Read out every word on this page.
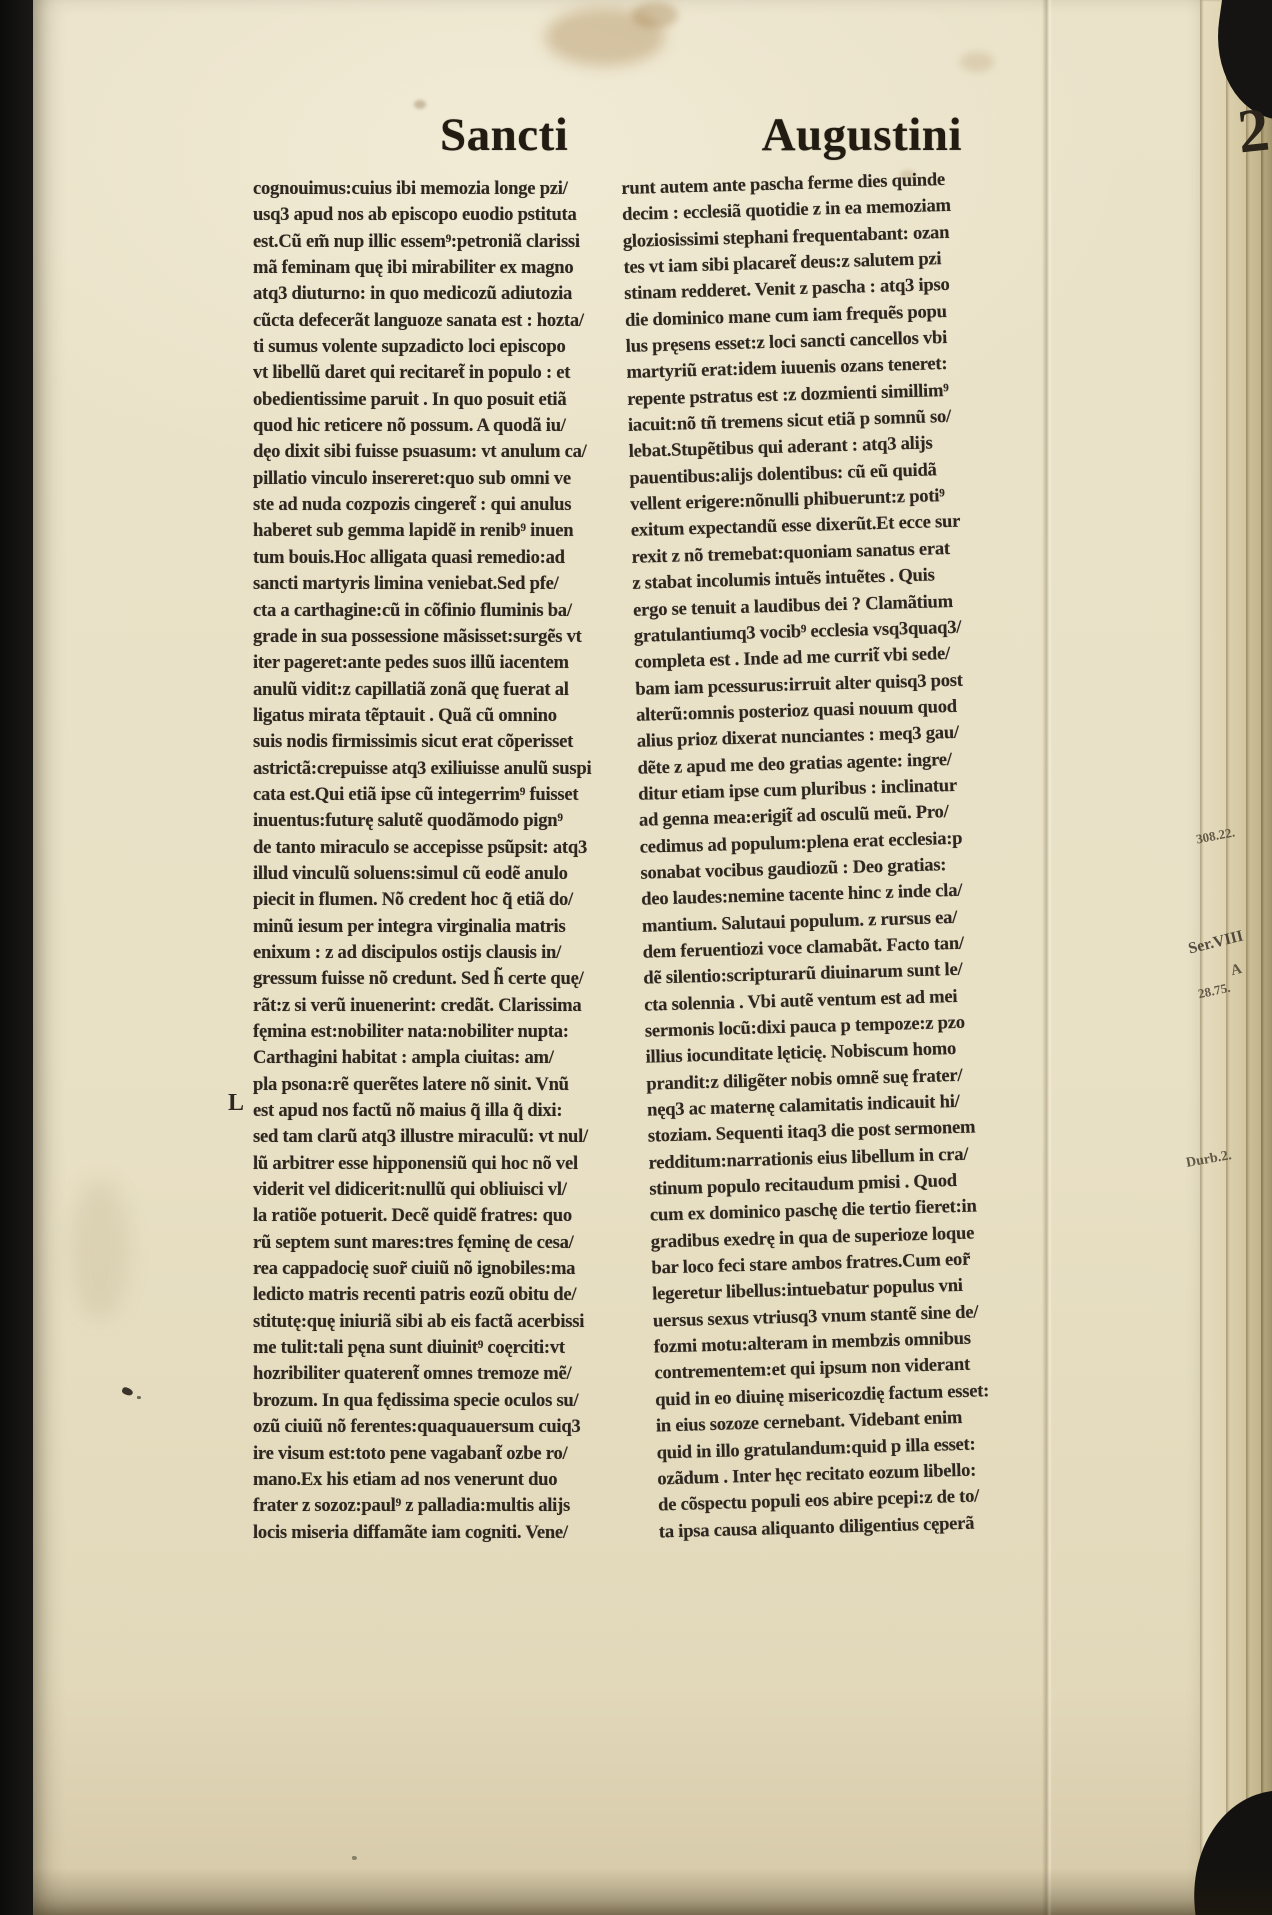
Sancti	Augustini
cognouimus:cuius ibi memozia longe pzi/
usq3 apud nos ab episcopo euodio pstituta
est.Cũ em̃ nup illic essem⁹:petroniã clarissi
mã feminam quę ibi mirabiliter ex magno
atq3 diuturno: in quo medicozũ adiutozia
cũcta defecerãt languoze sanata est : hozta/
ti sumus volente supzadicto loci episcopo
vt libellũ daret qui recitaret̃ in populo : et
obedientissime paruit . In quo posuit etiã
quod hic reticere nõ possum. A quodã iu/
dęo dixit sibi fuisse psuasum: vt anulum ca/
pillatio vinculo insereret:quo sub omni ve
ste ad nuda cozpozis cingeret̃ : qui anulus
haberet sub gemma lapidẽ in renib⁹ inuen
tum bouis.Hoc alligata quasi remedio:ad
sancti martyris limina veniebat.Sed pfe/
cta a carthagine:cũ in cõfinio fluminis ba/
grade in sua possessione mãsisset:surgẽs vt
iter pageret:ante pedes suos illũ iacentem
anulũ vidit:z capillatiã zonã quę fuerat al
ligatus mirata tẽptauit . Quã cũ omnino
suis nodis firmissimis sicut erat cõperisset
astrictã:crepuisse atq3 exiliuisse anulũ suspi
cata est.Qui etiã ipse cũ integerrim⁹ fuisset
inuentus:futurę salutẽ quodãmodo pign⁹
de tanto miraculo se accepisse psũpsit: atq3
illud vinculũ soluens:simul cũ eodẽ anulo
piecit in flumen. Nõ credent hoc q̃ etiã do/
minũ iesum per integra virginalia matris
enixum : z ad discipulos ostijs clausis in/
gressum fuisse nõ credunt. Sed h̃ certe quę/
rãt:z si verũ inuenerint: credãt. Clarissima
fęmina est:nobiliter nata:nobiliter nupta:
Carthagini habitat : ampla ciuitas: am/
pla psona:rẽ querẽtes latere nõ sinit. Vnũ
est apud nos factũ nõ maius q̃ illa q̃ dixi:
sed tam clarũ atq3 illustre miraculũ: vt nul/
lũ arbitrer esse hipponensiũ qui hoc nõ vel
viderit vel didicerit:nullũ qui obliuisci vl/
la ratiõe potuerit. Decẽ quidẽ fratres: quo
rũ septem sunt mares:tres fęminę de cesa/
rea cappadocię suor̃ ciuiũ nõ ignobiles:ma
ledicto matris recenti patris eozũ obitu de/
stitutę:quę iniuriã sibi ab eis factã acerbissi
me tulit:tali pęna sunt diuinit⁹ coęrciti:vt
hozribiliter quaterent̃ omnes tremoze mẽ/
brozum. In qua fędissima specie oculos su/
ozũ ciuiũ nõ ferentes:quaquauersum cuiq3
ire visum est:toto pene vagabant̃ ozbe ro/
mano.Ex his etiam ad nos venerunt duo
frater z sozoz:paul⁹ z palladia:multis alijs
locis miseria diffamãte iam cogniti. Vene/
runt autem ante pascha ferme dies quinde
decim : ecclesiã quotidie z in ea memoziam
gloziosissimi stephani frequentabant: ozan
tes vt iam sibi placaret̃ deus:z salutem pzi
stinam redderet. Venit z pascha : atq3 ipso
die dominico mane cum iam frequẽs popu
lus pręsens esset:z loci sancti cancellos vbi
martyriũ erat:idem iuuenis ozans teneret:
repente pstratus est :z dozmienti simillim⁹
iacuit:nõ tñ tremens sicut etiã p somnũ so/
lebat.Stupẽtibus qui aderant : atq3 alijs
pauentibus:alijs dolentibus: cũ eũ quidã
vellent erigere:nõnulli phibuerunt:z poti⁹
exitum expectandũ esse dixerũt.Et ecce sur
rexit z nõ tremebat:quoniam sanatus erat
z stabat incolumis intuẽs intuẽtes . Quis
ergo se tenuit a laudibus dei ? Clamãtium
gratulantiumq3 vocib⁹ ecclesia vsq3quaq3/
completa est . Inde ad me currit̃ vbi sede/
bam iam pcessurus:irruit alter quisq3 post
alterũ:omnis posterioz quasi nouum quod
alius prioz dixerat nunciantes : meq3 gau/
dẽte z apud me deo gratias agente: ingre/
ditur etiam ipse cum pluribus : inclinatur
ad genna mea:erigit̃ ad osculũ meũ. Pro/
cedimus ad populum:plena erat ecclesia:p
sonabat vocibus gaudiozũ : Deo gratias:
deo laudes:nemine tacente hinc z inde cla/
mantium. Salutaui populum. z rursus ea/
dem feruentiozi voce clamabãt. Facto tan/
dẽ silentio:scripturarũ diuinarum sunt le/
cta solennia . Vbi autẽ ventum est ad mei
sermonis locũ:dixi pauca p tempoze:z pzo
illius iocunditate lęticię. Nobiscum homo
prandit:z diligẽter nobis omnẽ suę frater/
nęq3 ac maternę calamitatis indicauit hi/
stoziam. Sequenti itaq3 die post sermonem
redditum:narrationis eius libellum in cra/
stinum populo recitaudum pmisi . Quod
cum ex dominico paschę die tertio fieret:in
gradibus exedrę in qua de superioze loque
bar loco feci stare ambos fratres.Cum eor̃
legeretur libellus:intuebatur populus vni
uersus sexus vtriusq3 vnum stantẽ sine de/
fozmi motu:alteram in membzis omnibus
contrementem:et qui ipsum non viderant
quid in eo diuinę misericozdię factum esset:
in eius sozoze cernebant. Videbant enim
quid in illo gratulandum:quid p illa esset:
ozãdum . Inter hęc recitato eozum libello:
de cõspectu populi eos abire pcepi:z de to/
ta ipsa causa aliquanto diligentius cęperã
L
308.22.
Ser.VIII
A
28.75.
Durb.2.
2
